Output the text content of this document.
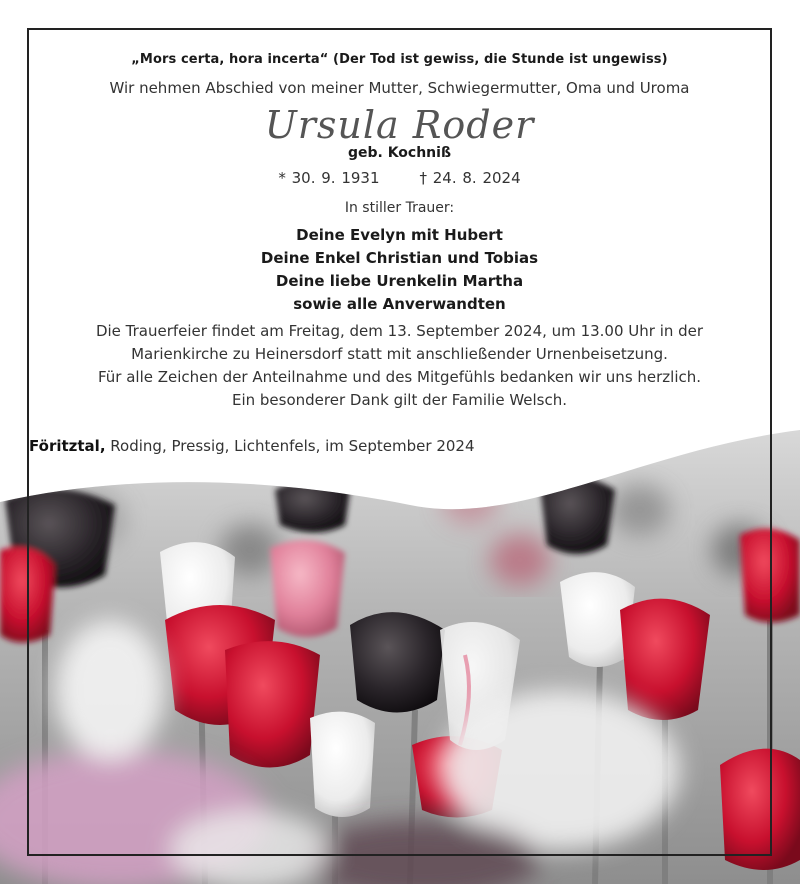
„Mors certa, hora incerta“ (Der Tod ist gewiss, die Stunde ist ungewiss)
Wir nehmen Abschied von meiner Mutter, Schwiegermutter, Oma und Uroma
Ursula Roder
geb. Kochniß
* 30. 9. 1931	† 24. 8. 2024
In stiller Trauer:
Deine Evelyn mit Hubert
Deine Enkel Christian und Tobias
Deine liebe Urenkelin Martha
sowie alle Anverwandten
Die Trauerfeier findet am Freitag, dem 13. September 2024, um 13.00 Uhr in der
Marienkirche zu Heinersdorf statt mit anschließender Urnenbeisetzung.
Für alle Zeichen der Anteilnahme und des Mitgefühls bedanken wir uns herzlich.
Ein besonderer Dank gilt der Familie Welsch.
Föritztal, Roding, Pressig, Lichtenfels, im September 2024
